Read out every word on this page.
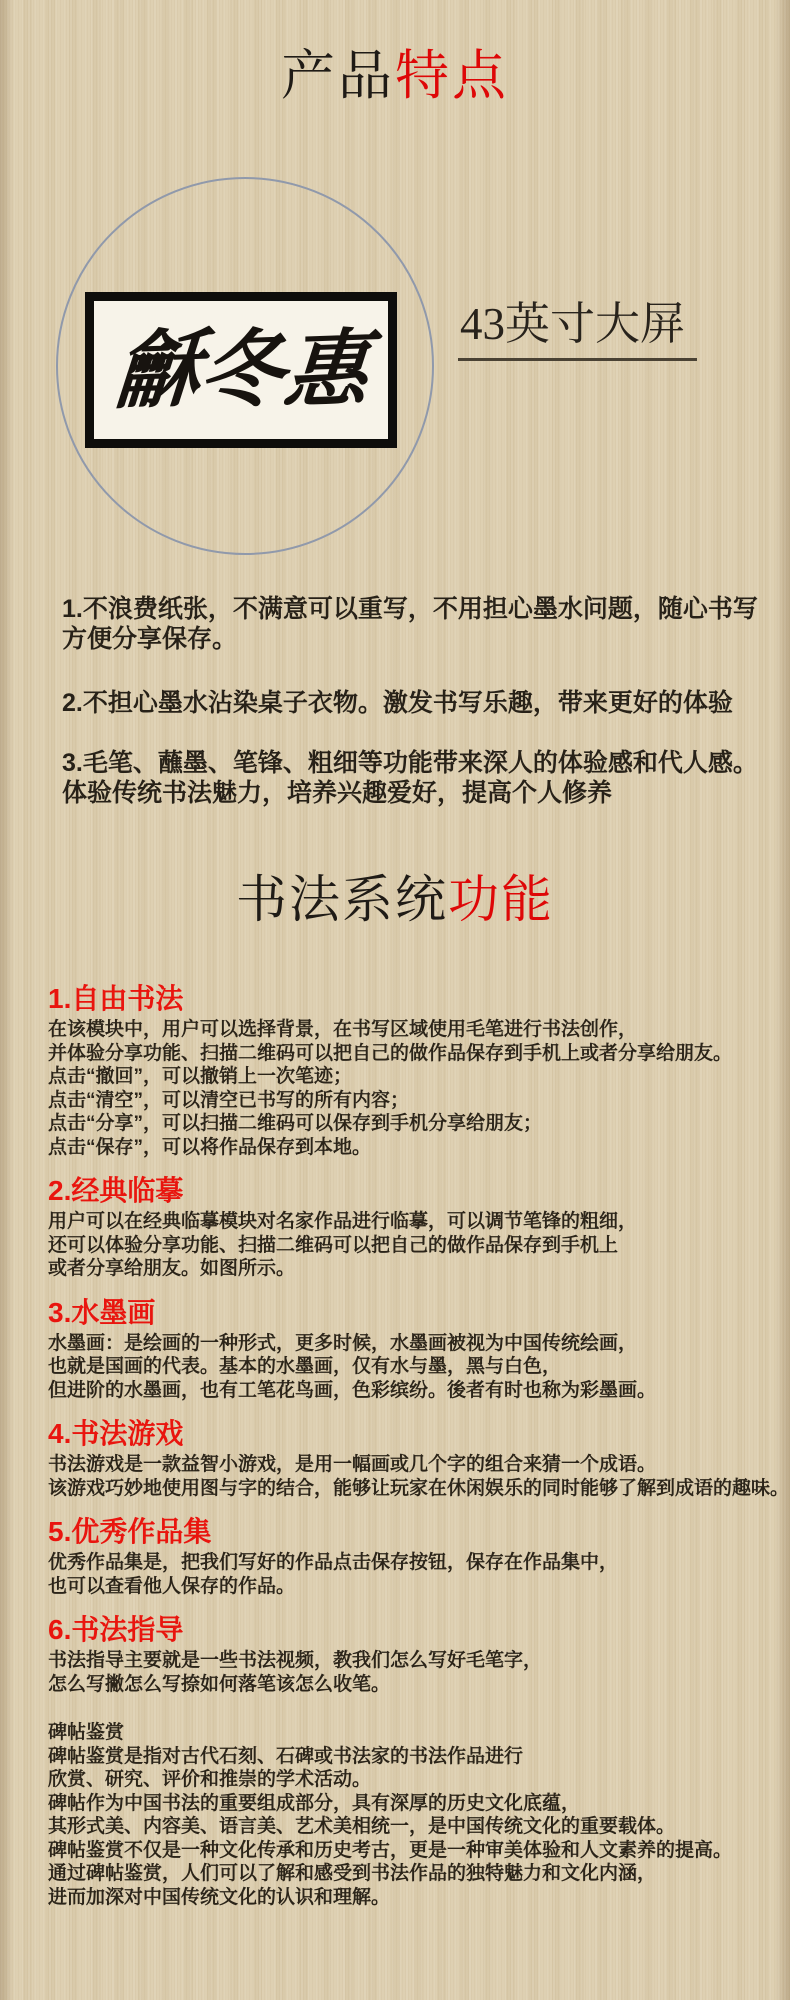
产品特点
龢
冬
惠 43英寸大屏
1.不浪费纸张，不满意可以重写，不用担心墨水问题，随心书写
方便分享保存。
2.不担心墨水沾染桌子衣物。激发书写乐趣，带来更好的体验
3.毛笔、蘸墨、笔锋、粗细等功能带来深人的体验感和代人感。
体验传统书法魅力，培养兴趣爱好，提高个人修养
书法系统功能
1.自由书法
在该模块中，用户可以选择背景，在书写区域使用毛笔进行书法创作，
并体验分享功能、扫描二维码可以把自己的做作品保存到手机上或者分享给朋友。
点击“撤回”，可以撤销上一次笔迹；
点击“清空”，可以清空已书写的所有内容；
点击“分享”，可以扫描二维码可以保存到手机分享给朋友；
点击“保存”，可以将作品保存到本地。
2.经典临摹
用户可以在经典临摹模块对名家作品进行临摹，可以调节笔锋的粗细，
还可以体验分享功能、扫描二维码可以把自己的做作品保存到手机上
或者分享给朋友。如图所示。
3.水墨画
水墨画：是绘画的一种形式，更多时候，水墨画被视为中国传统绘画，
也就是国画的代表。基本的水墨画，仅有水与墨，黑与白色，
但进阶的水墨画，也有工笔花鸟画，色彩缤纷。後者有时也称为彩墨画。
4.书法游戏
书法游戏是一款益智小游戏，是用一幅画或几个字的组合来猜一个成语。
该游戏巧妙地使用图与字的结合，能够让玩家在休闲娱乐的同时能够了解到成语的趣味。
5.优秀作品集
优秀作品集是，把我们写好的作品点击保存按钮，保存在作品集中，
也可以查看他人保存的作品。
6.书法指导
书法指导主要就是一些书法视频，教我们怎么写好毛笔字，
怎么写撇怎么写捺如何落笔该怎么收笔。
碑帖鉴赏
碑帖鉴赏是指对古代石刻、石碑或书法家的书法作品进行
欣赏、研究、评价和推崇的学术活动。
碑帖作为中国书法的重要组成部分，具有深厚的历史文化底蕴，
其形式美、内容美、语言美、艺术美相统一，是中国传统文化的重要载体。
碑帖鉴赏不仅是一种文化传承和历史考古，更是一种审美体验和人文素养的提高。
通过碑帖鉴赏，人们可以了解和感受到书法作品的独特魅力和文化内涵，
进而加深对中国传统文化的认识和理解。
